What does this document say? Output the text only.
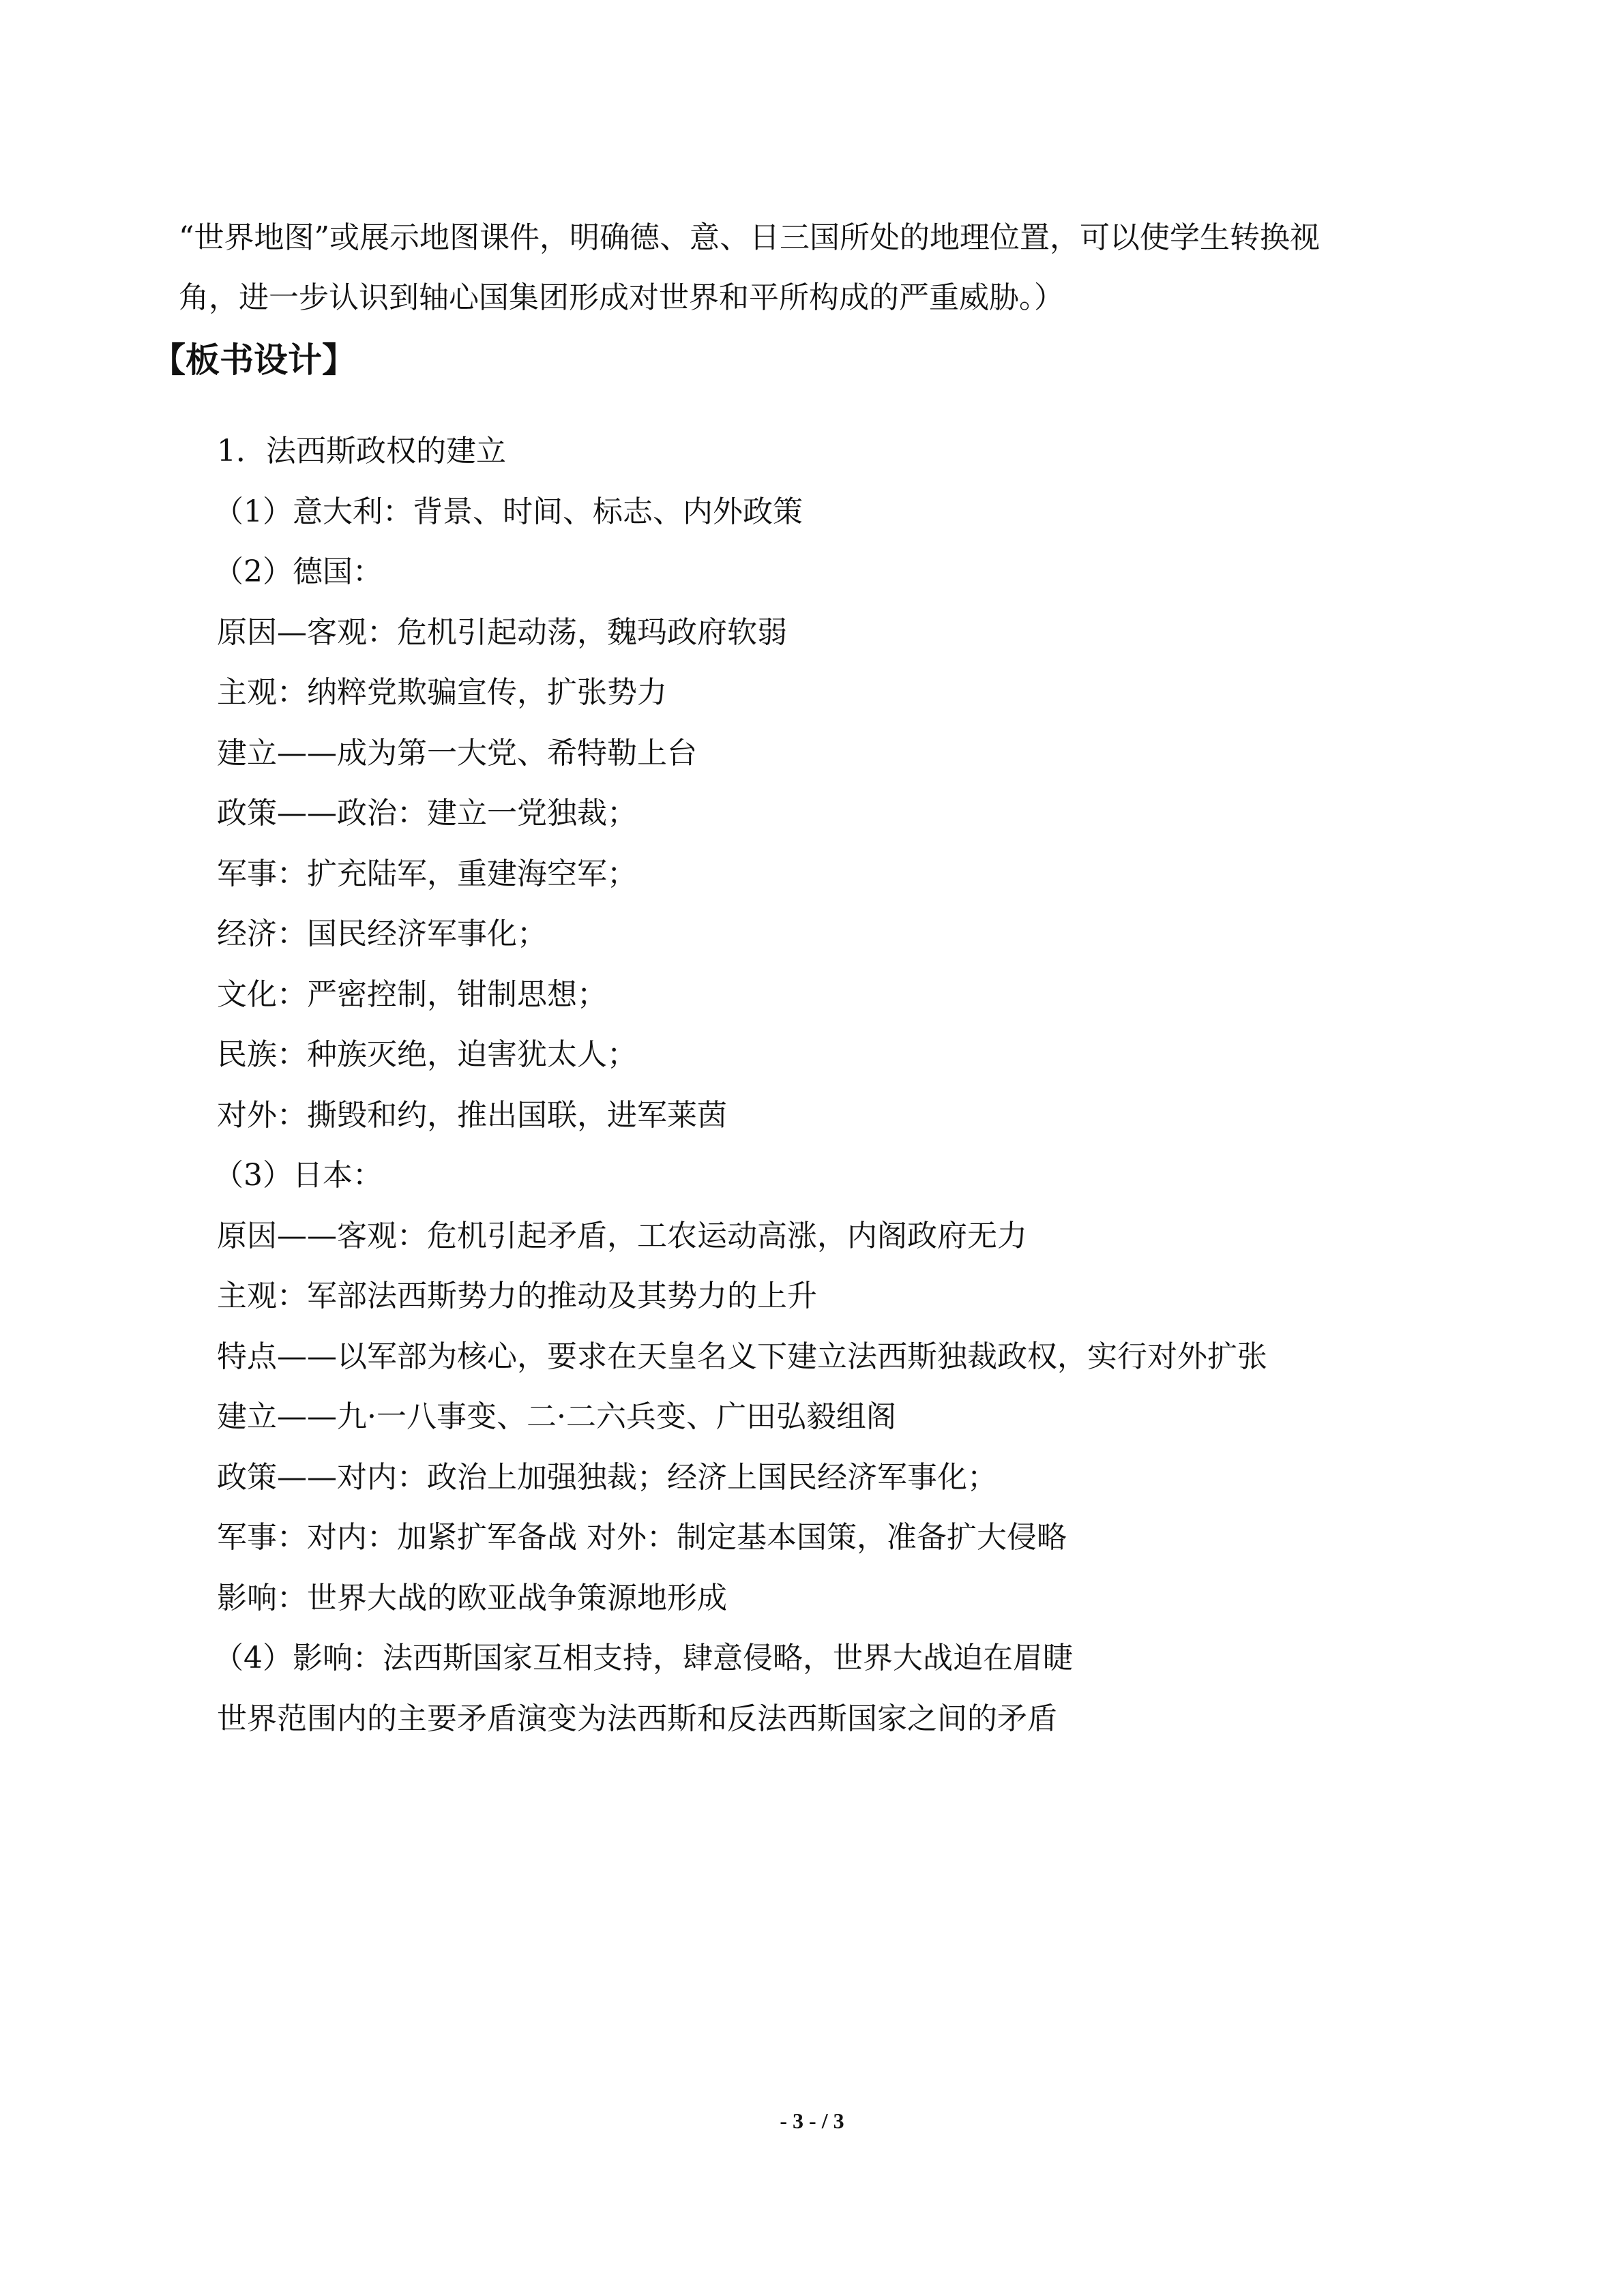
“世界地图”或展示地图课件，明确德、意、日三国所处的地理位置，可以使学生转换视
角，进一步认识到轴心国集团形成对世界和平所构成的严重威胁。）
【板书设计】
1．法西斯政权的建立
（1）意大利：背景、时间、标志、内外政策
（2）德国：
原因—客观：危机引起动荡，魏玛政府软弱
主观：纳粹党欺骗宣传，扩张势力
建立——成为第一大党、希特勒上台
政策——政治：建立一党独裁；
军事：扩充陆军，重建海空军；
经济：国民经济军事化；
文化：严密控制，钳制思想；
民族：种族灭绝，迫害犹太人；
对外：撕毁和约，推出国联，进军莱茵
（3）日本：
原因——客观：危机引起矛盾，工农运动高涨，内阁政府无力
主观：军部法西斯势力的推动及其势力的上升
特点——以军部为核心，要求在天皇名义下建立法西斯独裁政权，实行对外扩张
建立——九·一八事变、二·二六兵变、广田弘毅组阁
政策——对内：政治上加强独裁；经济上国民经济军事化；
军事：对内：加紧扩军备战 对外：制定基本国策，准备扩大侵略
影响：世界大战的欧亚战争策源地形成
（4）影响：法西斯国家互相支持，肆意侵略，世界大战迫在眉睫
世界范围内的主要矛盾演变为法西斯和反法西斯国家之间的矛盾
- 3 - / 3
